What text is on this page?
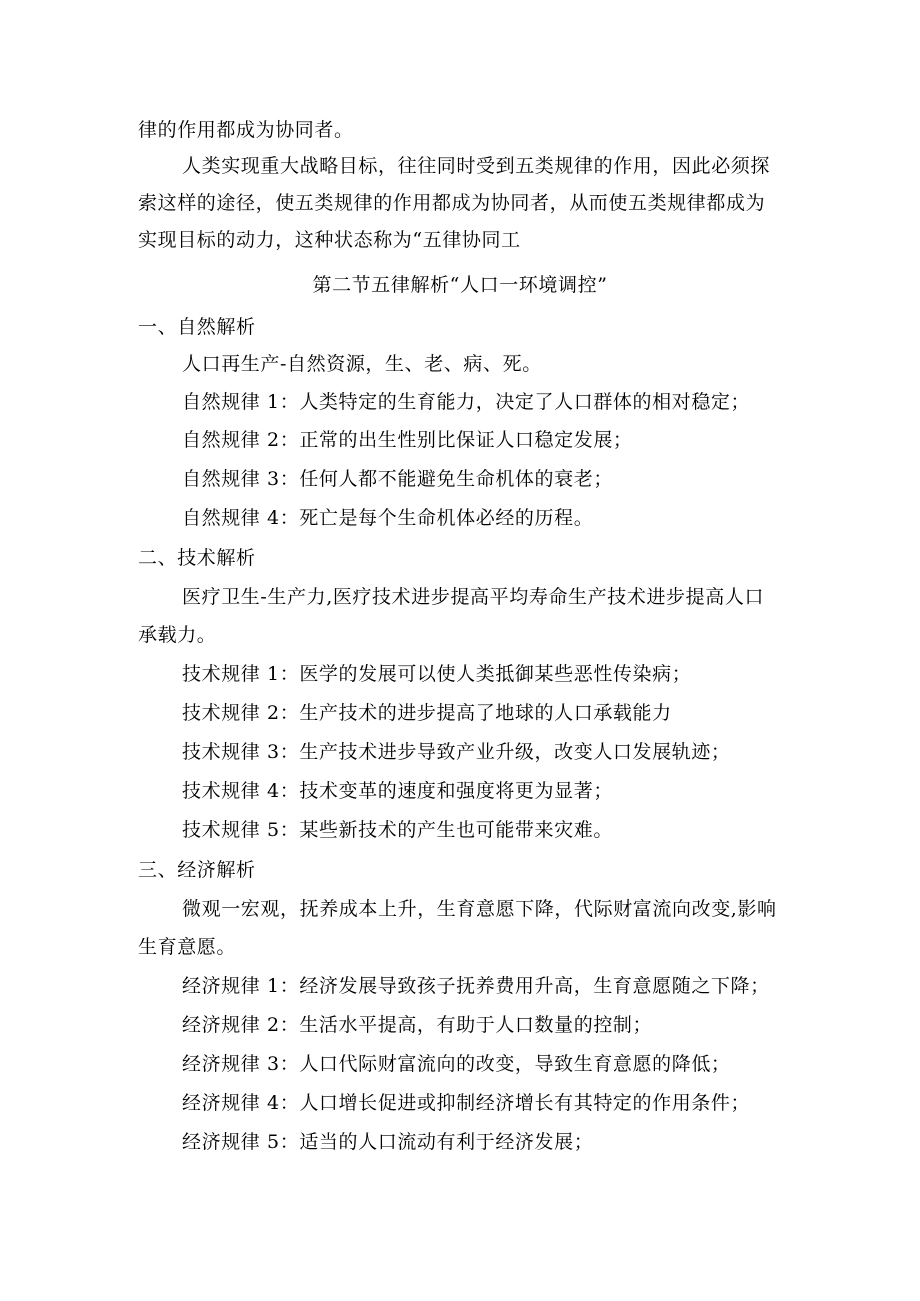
律的作用都成为协同者。
人类实现重大战略目标，往往同时受到五类规律的作用，因此必须探
索这样的途径，使五类规律的作用都成为协同者，从而使五类规律都成为
实现目标的动力，这种状态称为“五律协同工
第二节五律解析“人口一环境调控”
一、自然解析
人口再生产-自然资源，生、老、病、死。
自然规律 1：人类特定的生育能力，决定了人口群体的相对稳定；
自然规律 2：正常的出生性别比保证人口稳定发展；
自然规律 3：任何人都不能避免生命机体的衰老；
自然规律 4：死亡是每个生命机体必经的历程。
二、技术解析
医疗卫生-生产力,医疗技术进步提高平均寿命生产技术进步提高人口
承载力。
技术规律 1：医学的发展可以使人类抵御某些恶性传染病；
技术规律 2：生产技术的进步提高了地球的人口承载能力
技术规律 3：生产技术进步导致产业升级，改变人口发展轨迹；
技术规律 4：技术变革的速度和强度将更为显著；
技术规律 5：某些新技术的产生也可能带来灾难。
三、经济解析
微观一宏观，抚养成本上升，生育意愿下降，代际财富流向改变,影响
生育意愿。
经济规律 1：经济发展导致孩子抚养费用升高，生育意愿随之下降；
经济规律 2：生活水平提高，有助于人口数量的控制；
经济规律 3：人口代际财富流向的改变，导致生育意愿的降低；
经济规律 4：人口增长促进或抑制经济增长有其特定的作用条件；
经济规律 5：适当的人口流动有利于经济发展；
